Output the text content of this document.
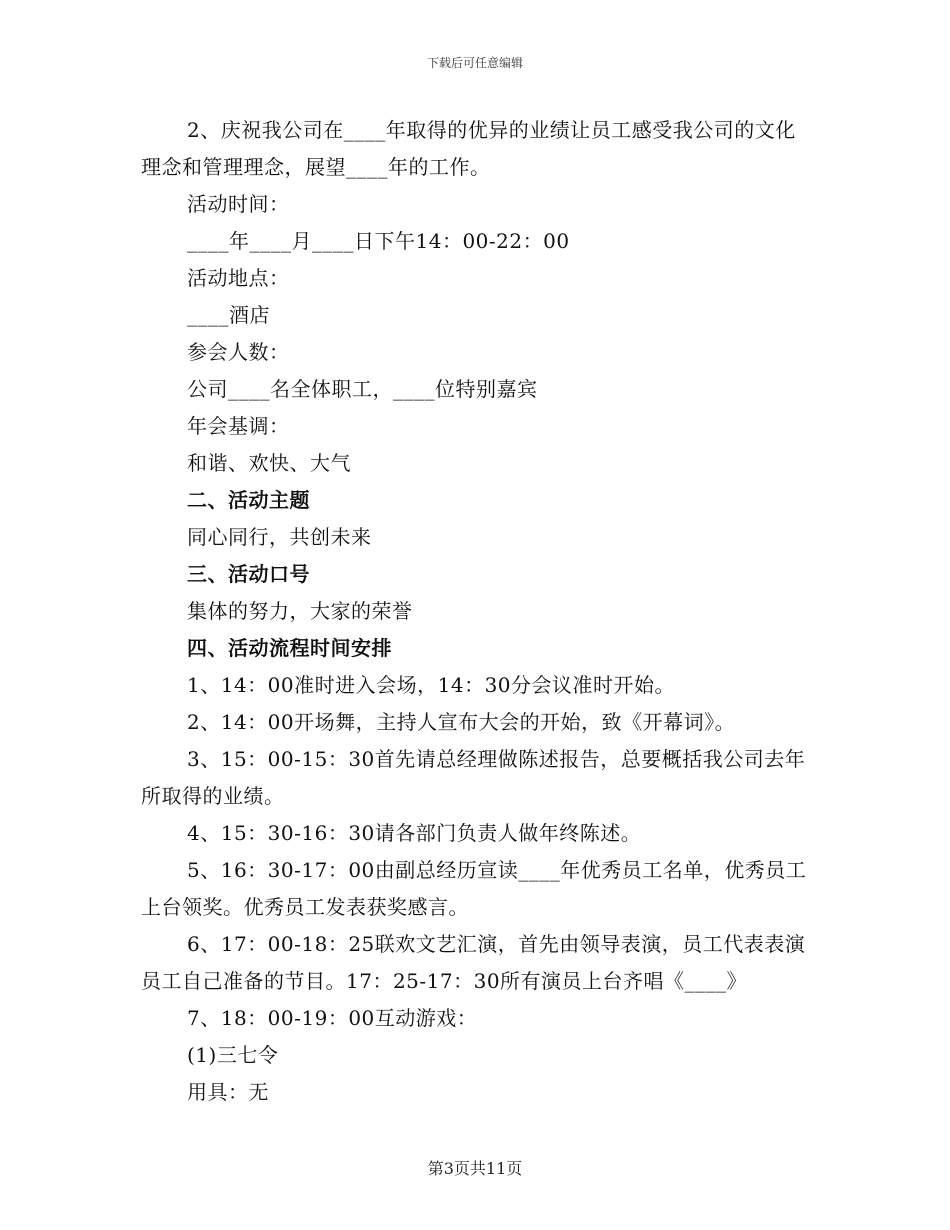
下载后可任意编辑

2、庆祝我公司在____年取得的优异的业绩让员工感受我公司的文化理念和管理理念，展望____年的工作。

活动时间：

____年____月____日下午14：00-22：00

活动地点：

____酒店

参会人数：

公司____名全体职工，____位特别嘉宾

年会基调：

和谐、欢快、大气

二、活动主题

同心同行，共创未来

三、活动口号

集体的努力，大家的荣誉

四、活动流程时间安排

1、14：00准时进入会场，14：30分会议准时开始。

2、14：00开场舞，主持人宣布大会的开始，致《开幕词》。

3、15：00-15：30首先请总经理做陈述报告，总要概括我公司去年所取得的业绩。

4、15：30-16：30请各部门负责人做年终陈述。

5、16：30-17：00由副总经历宣读____年优秀员工名单，优秀员工上台领奖。优秀员工发表获奖感言。

6、17：00-18：25联欢文艺汇演，首先由领导表演，员工代表表演员工自己准备的节目。17：25-17：30所有演员上台齐唱《____》

7、18：00-19：00互动游戏：

(1)三七令

用具：无

第3页共11页
